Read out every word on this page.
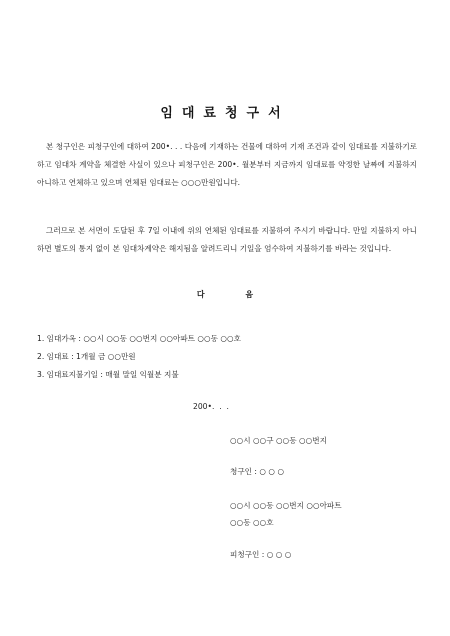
임대료청구서

본 청구인은 피청구인에 대하여 200•. . . 다음에 기재하는 건물에 대하여 기재 조건과 같이 임대료를 지불하기로 하고 임대차 계약을 체결한 사실이 있으나 피청구인은 200•. 월분부터 지금까지 임대료를 약정한 날짜에 지불하지 아니하고 연체하고 있으며 연체된 임대료는 ○○○만원입니다.

그러므로 본 서면이 도달된 후 7일 이내에 위의 연체된 임대료를 지불하여 주시기 바랍니다. 만일 지불하지 아니하면 별도의 통지 없이 본 임대차계약은 해지됨을 알려드리니 기일을 엄수하여 지불하기를 바라는 것입니다.

다 음
1. 임대가옥 : ○○시 ○○동 ○○번지 ○○아파트 ○○동 ○○호
2. 임대료 : 1개월 금 ○○만원
3. 임대료지불기일 : 매월 말일 익월분 지불
200•.  .  .
○○시 ○○구 ○○동 ○○번지
청구인 : ○ ○ ○
○○시 ○○동 ○○번지 ○○아파트
○○동 ○○호
피청구인 : ○ ○ ○
